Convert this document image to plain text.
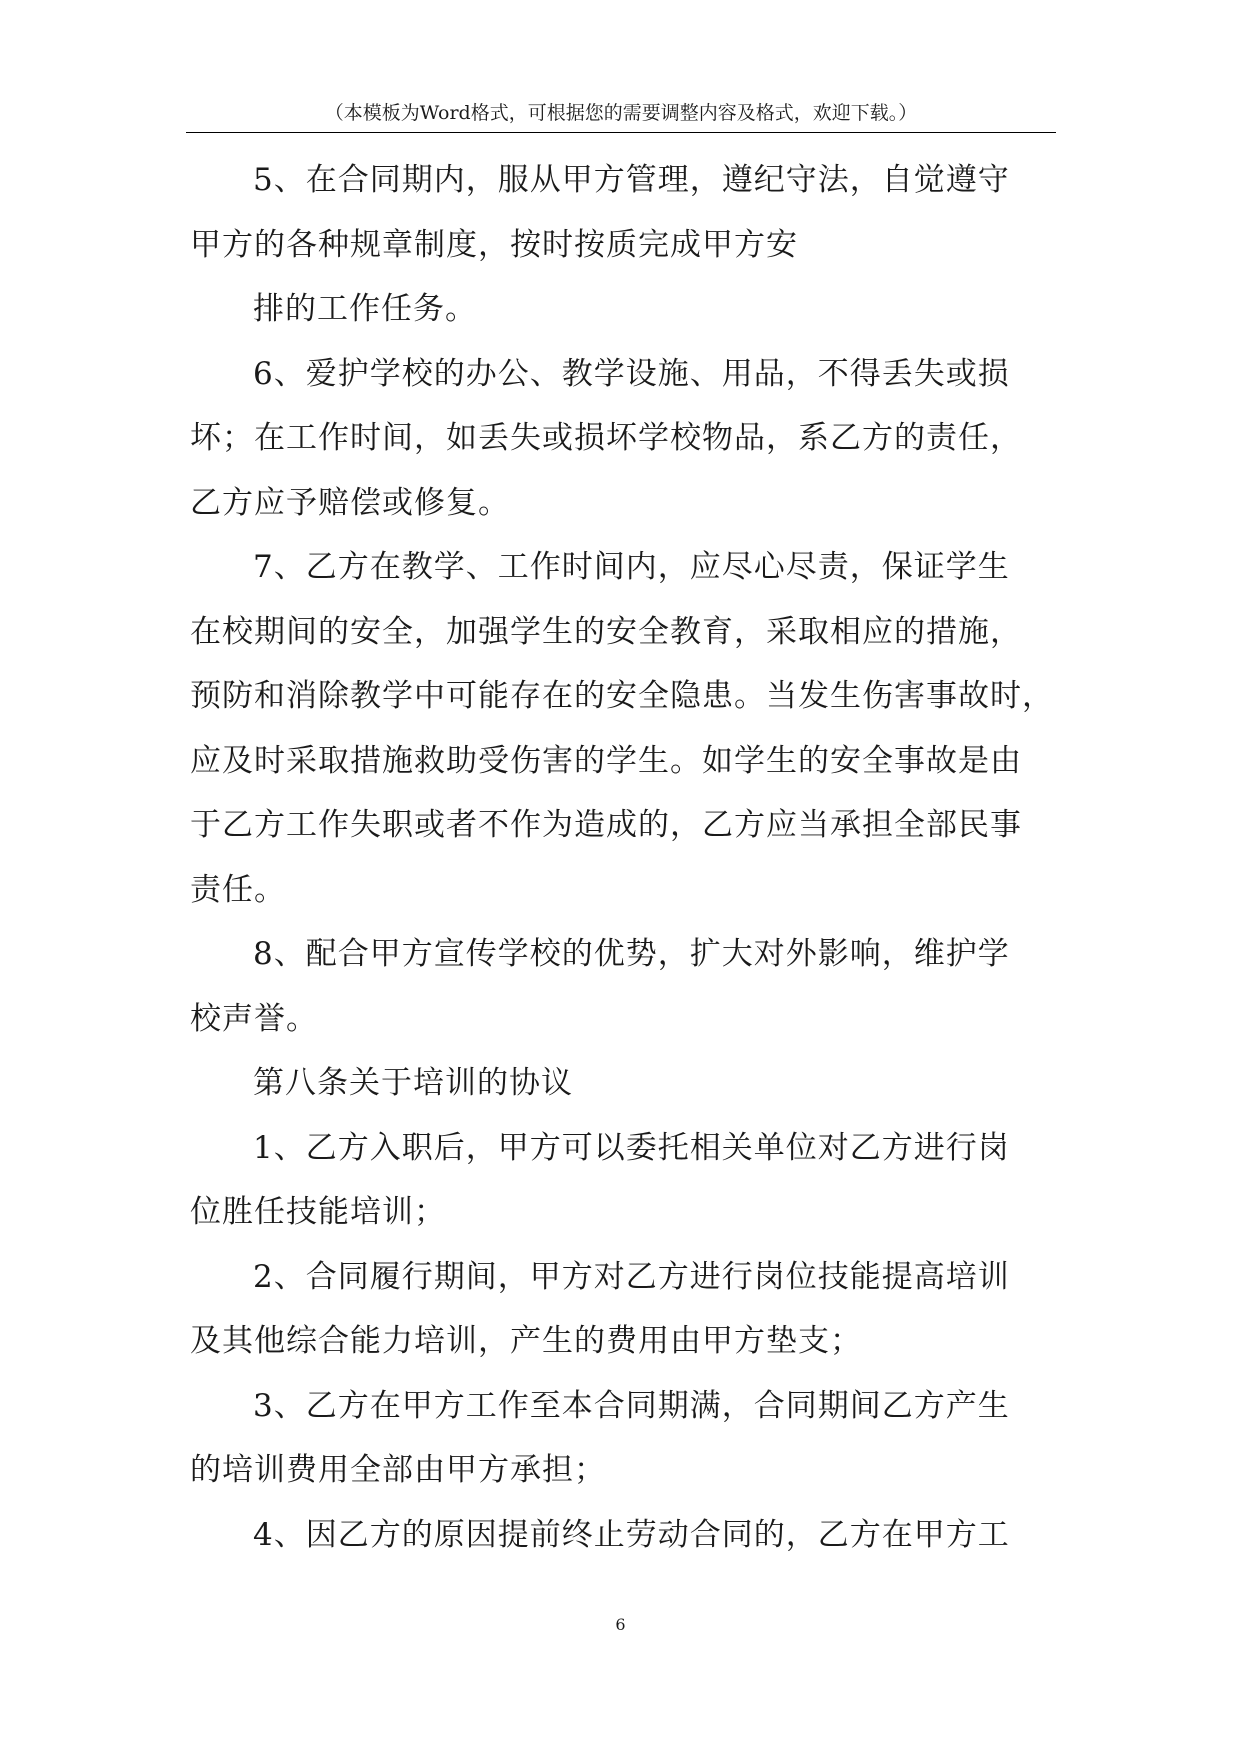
（本模板为Word格式，可根据您的需要调整内容及格式，欢迎下载。）
5、在合同期内，服从甲方管理，遵纪守法，自觉遵守
甲方的各种规章制度，按时按质完成甲方安
排的工作任务。
6、爱护学校的办公、教学设施、用品，不得丢失或损
坏；在工作时间，如丢失或损坏学校物品，系乙方的责任，
乙方应予赔偿或修复。
7、乙方在教学、工作时间内，应尽心尽责，保证学生
在校期间的安全，加强学生的安全教育，采取相应的措施，
预防和消除教学中可能存在的安全隐患。当发生伤害事故时，
应及时采取措施救助受伤害的学生。如学生的安全事故是由
于乙方工作失职或者不作为造成的，乙方应当承担全部民事
责任。
8、配合甲方宣传学校的优势，扩大对外影响，维护学
校声誉。
第八条关于培训的协议
1、乙方入职后，甲方可以委托相关单位对乙方进行岗
位胜任技能培训；
2、合同履行期间，甲方对乙方进行岗位技能提高培训
及其他综合能力培训，产生的费用由甲方垫支；
3、乙方在甲方工作至本合同期满，合同期间乙方产生
的培训费用全部由甲方承担；
4、因乙方的原因提前终止劳动合同的，乙方在甲方工
6
